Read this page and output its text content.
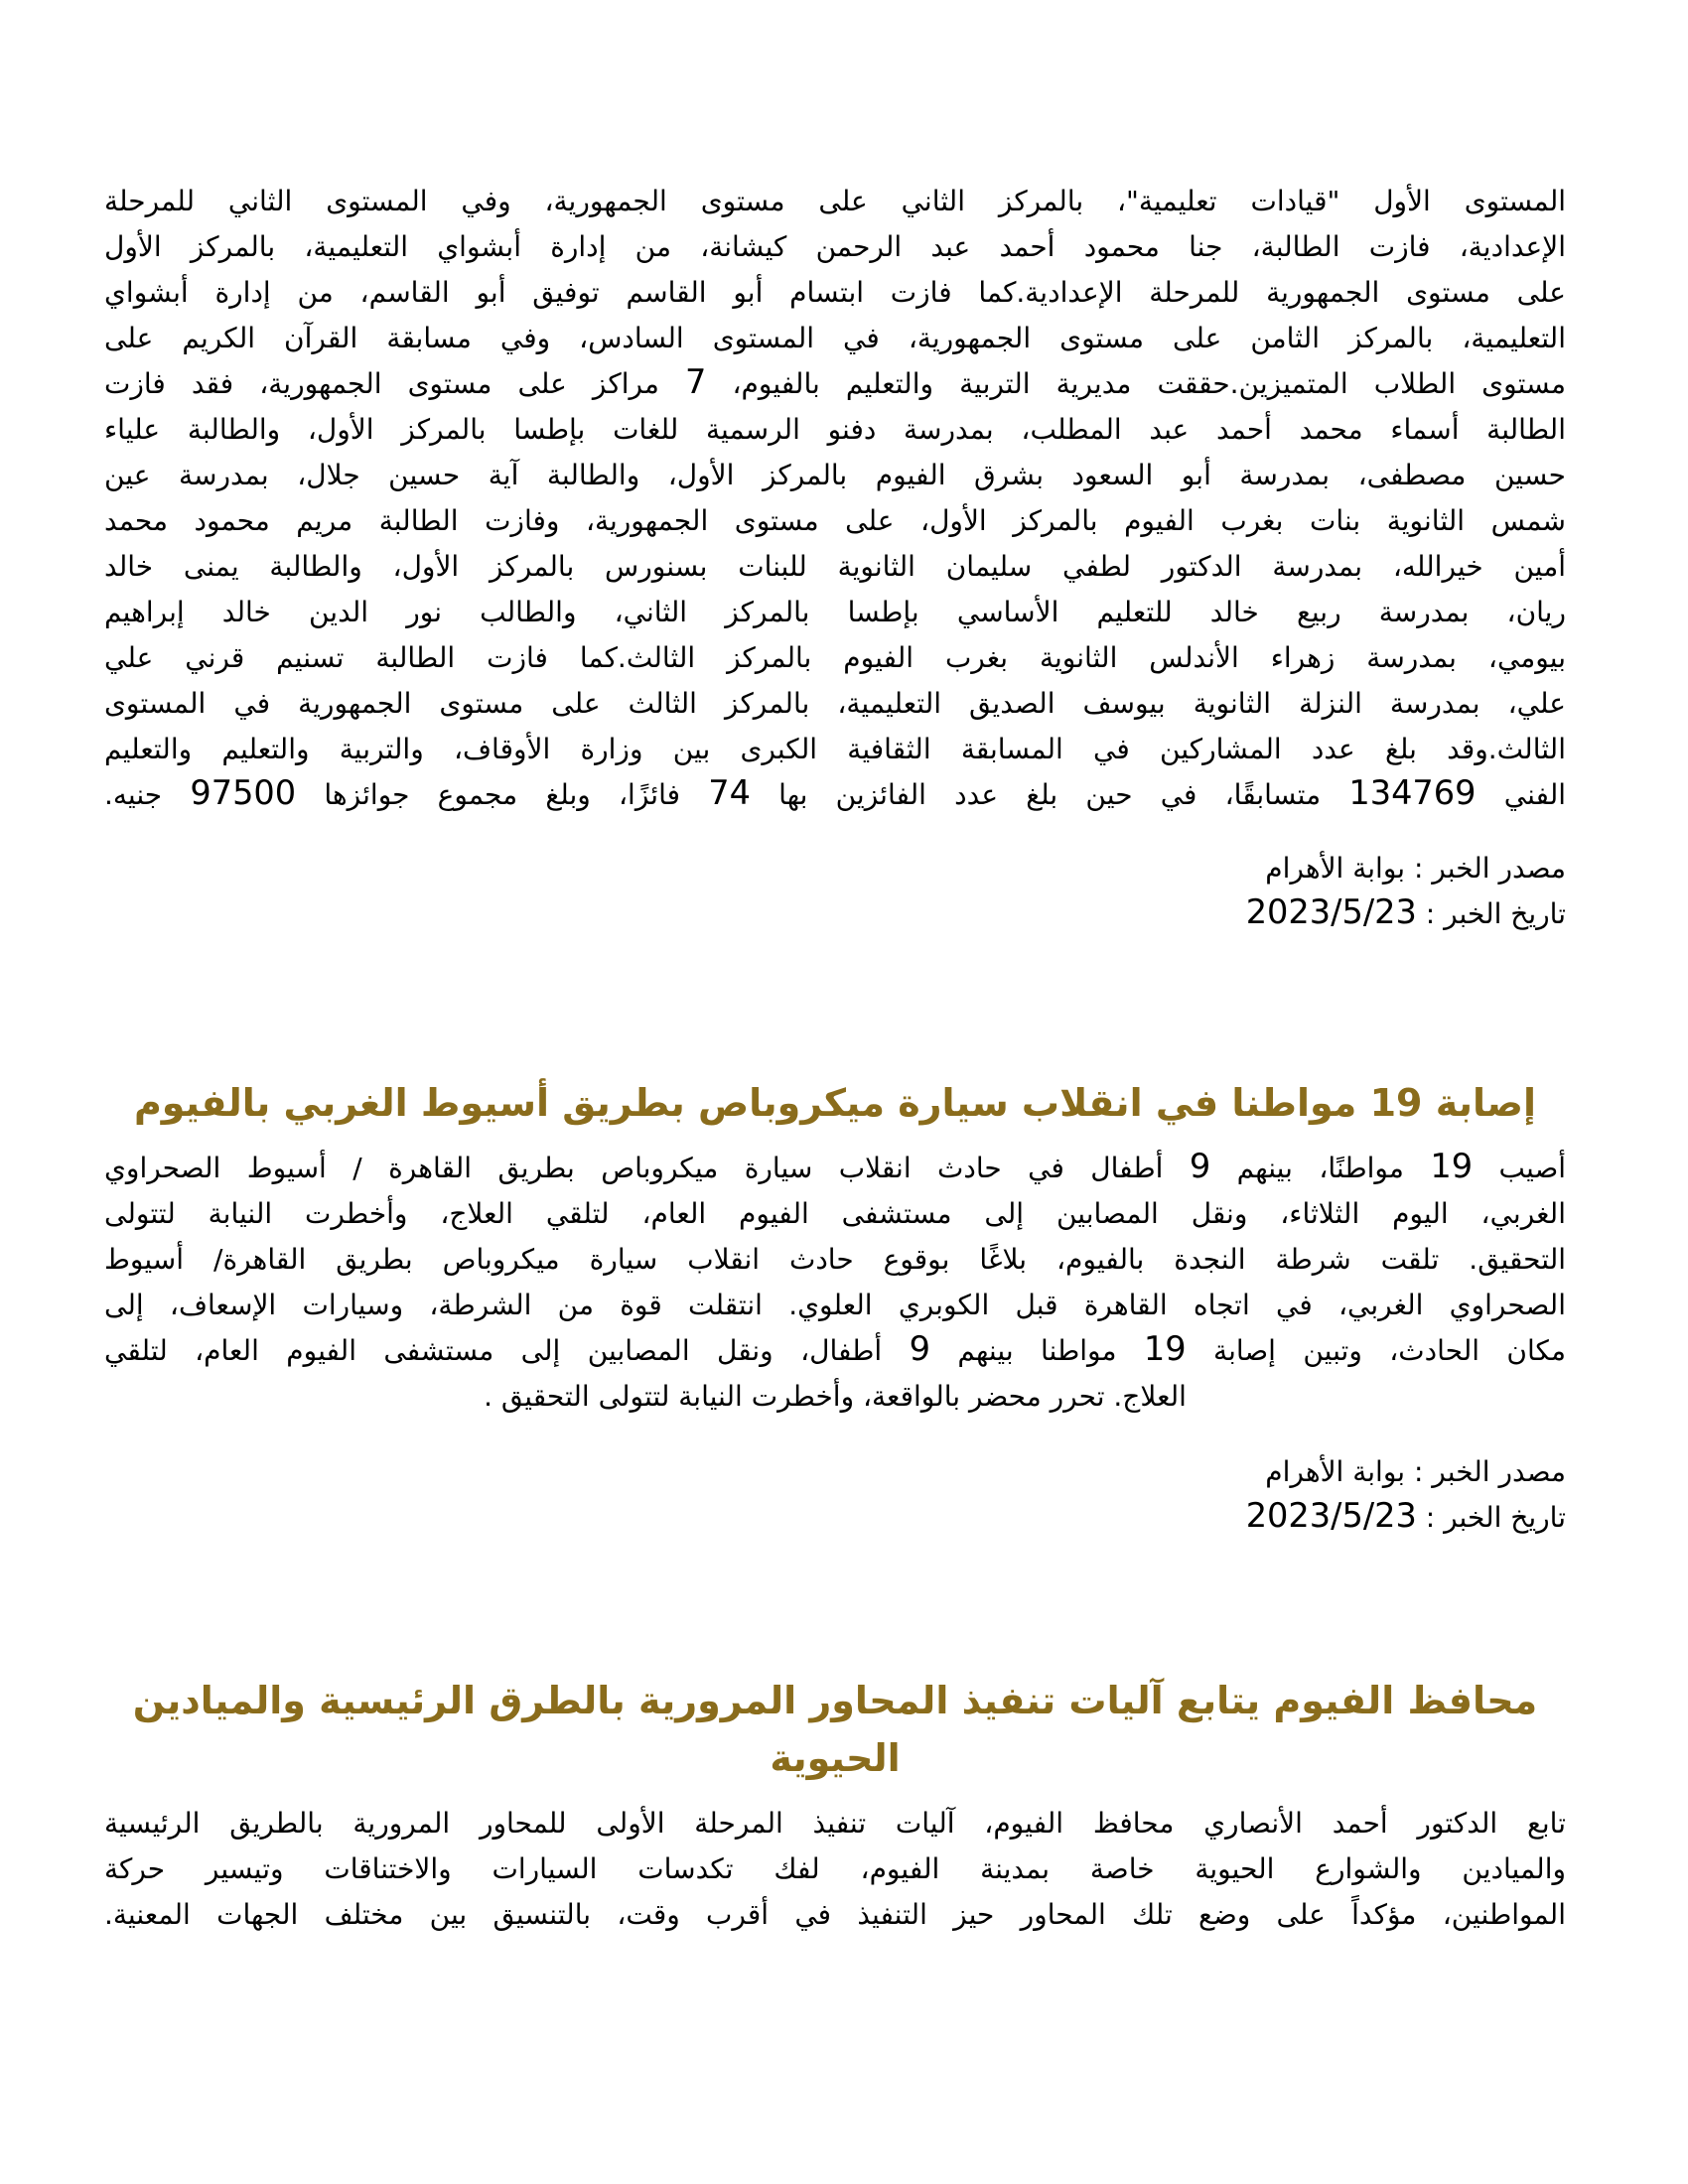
المستوى الأول "قيادات تعليمية"، بالمركز الثاني على مستوى الجمهورية، وفي المستوى الثاني للمرحلة
الإعدادية، فازت الطالبة، جنا محمود أحمد عبد الرحمن كيشانة، من إدارة أبشواي التعليمية، بالمركز الأول
على مستوى الجمهورية للمرحلة الإعدادية.كما فازت ابتسام أبو القاسم توفيق أبو القاسم، من إدارة أبشواي
التعليمية، بالمركز الثامن على مستوى الجمهورية، في المستوى السادس، وفي مسابقة القرآن الكريم على
مستوى الطلاب المتميزين.حققت مديرية التربية والتعليم بالفيوم، 7 مراكز على مستوى الجمهورية، فقد فازت
الطالبة أسماء محمد أحمد عبد المطلب، بمدرسة دفنو الرسمية للغات بإطسا بالمركز الأول، والطالبة علياء
حسين مصطفى، بمدرسة أبو السعود بشرق الفيوم بالمركز الأول، والطالبة آية حسين جلال، بمدرسة عين
شمس الثانوية بنات بغرب الفيوم بالمركز الأول، على مستوى الجمهورية، وفازت الطالبة مريم محمود محمد
أمين خيرالله، بمدرسة الدكتور لطفي سليمان الثانوية للبنات بسنورس بالمركز الأول، والطالبة يمنى خالد
ريان، بمدرسة ربيع خالد للتعليم الأساسي بإطسا بالمركز الثاني، والطالب نور الدين خالد إبراهيم
بيومي، بمدرسة زهراء الأندلس الثانوية بغرب الفيوم بالمركز الثالث.كما فازت الطالبة تسنيم قرني علي
علي، بمدرسة النزلة الثانوية بيوسف الصديق التعليمية، بالمركز الثالث على مستوى الجمهورية في المستوى
الثالث.وقد بلغ عدد المشاركين في المسابقة الثقافية الكبرى بين وزارة الأوقاف، والتربية والتعليم والتعليم
الفني 134769 متسابقًا، في حين بلغ عدد الفائزين بها 74 فائزًا، وبلغ مجموع جوائزها 97500 جنيه.
مصدر الخبر : بوابة الأهرام
تاريخ الخبر : 2023/5/23
إصابة 19 مواطنا في انقلاب سيارة ميكروباص بطريق أسيوط الغربي بالفيوم
أصيب 19 مواطنًا، بينهم 9 أطفال في حادث انقلاب سيارة ميكروباص بطريق القاهرة / أسيوط الصحراوي
الغربي، اليوم الثلاثاء، ونقل المصابين إلى مستشفى الفيوم العام، لتلقي العلاج، وأخطرت النيابة لتتولى
التحقيق. تلقت شرطة النجدة بالفيوم، بلاغًا بوقوع حادث انقلاب سيارة ميكروباص بطريق القاهرة/ أسيوط
الصحراوي الغربي، في اتجاه القاهرة قبل الكوبري العلوي. انتقلت قوة من الشرطة، وسيارات الإسعاف، إلى
مكان الحادث، وتبين إصابة 19 مواطنا بينهم 9 أطفال، ونقل المصابين إلى مستشفى الفيوم العام، لتلقي
العلاج. تحرر محضر بالواقعة، وأخطرت النيابة لتتولى التحقيق .
مصدر الخبر : بوابة الأهرام
تاريخ الخبر : 2023/5/23
محافظ الفيوم يتابع آليات تنفيذ المحاور المرورية بالطرق الرئيسية والميادين
الحيوية
تابع الدكتور أحمد الأنصاري محافظ الفيوم، آليات تنفيذ المرحلة الأولى للمحاور المرورية بالطريق الرئيسية
والميادين والشوارع الحيوية خاصة بمدينة الفيوم، لفك تكدسات السيارات والاختناقات وتيسير حركة
المواطنين، مؤكداً على وضع تلك المحاور حيز التنفيذ في أقرب وقت، بالتنسيق بين مختلف الجهات المعنية.
